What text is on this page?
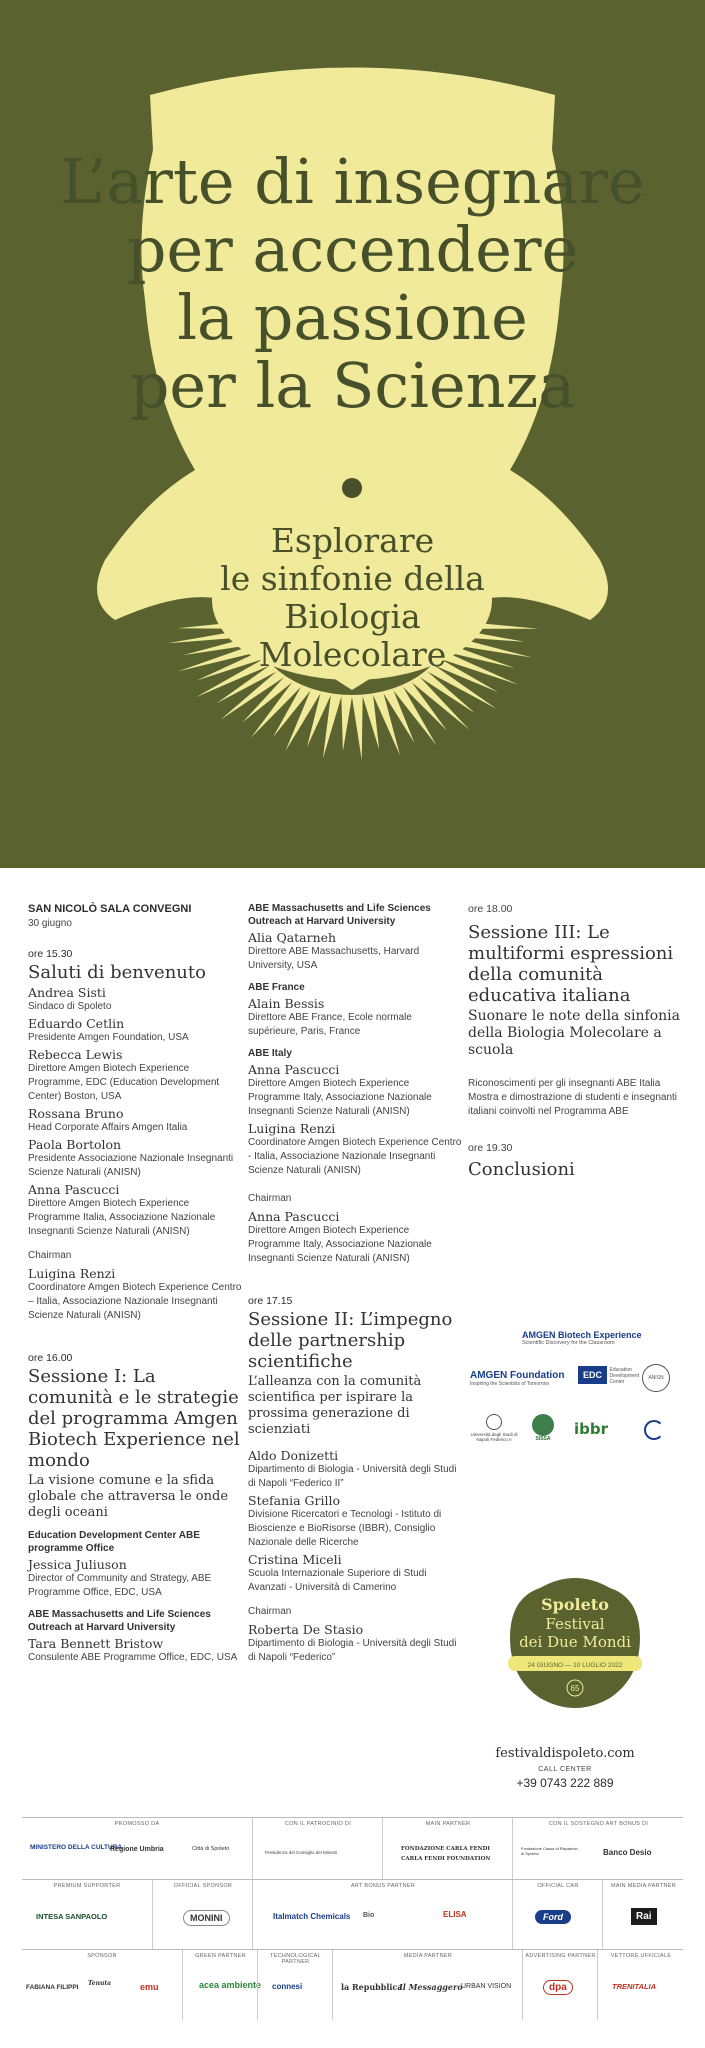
L’arte di insegnare
per accendere
la passione
per la Scienza
Esplorare
le sinfonie della
Biologia
Molecolare
SAN NICOLÒ SALA CONVEGNI
30 giugno
ore 15.30
Saluti di benvenuto
Andrea Sisti
Sindaco di Spoleto
Eduardo Cetlin
Presidente Amgen Foundation, USA
Rebecca Lewis
Direttore Amgen Biotech Experience Programme, EDC (Education Development Center) Boston, USA
Rossana Bruno
Head Corporate Affairs Amgen Italia
Paola Bortolon
Presidente Associazione Nazionale Insegnanti Scienze Naturali (ANISN)
Anna Pascucci
Direttore Amgen Biotech Experience Programme Italia, Associazione Nazionale Insegnanti Scienze Naturali (ANISN)
Chairman
Luigina Renzi
Coordinatore Amgen Biotech Experience Centro – Italia, Associazione Nazionale Insegnanti Scienze Naturali (ANISN)
ore 16.00
Sessione I: La comunità e le strategie del programma Amgen Biotech Experience nel mondo
La visione comune e la sfida globale che attraversa le onde degli oceani
Education Development Center ABE programme Office
Jessica Juliuson
Director of Community and Strategy, ABE Programme Office, EDC, USA
ABE Massachusetts and Life Sciences Outreach at Harvard University
Tara Bennett Bristow
Consulente ABE Programme Office, EDC, USA
ABE Massachusetts and Life Sciences Outreach at Harvard University
Alia Qatarneh
Direttore ABE Massachusetts, Harvard University, USA
ABE France
Alain Bessis
Direttore ABE France, Ecole normale supérieure, Paris, France
ABE Italy
Anna Pascucci
Direttore Amgen Biotech Experience Programme Italy, Associazione Nazionale Insegnanti Scienze Naturali (ANISN)
Luigina Renzi
Coordinatore Amgen Biotech Experience Centro - Italia, Associazione Nazionale Insegnanti Scienze Naturali (ANISN)
Chairman
Anna Pascucci
Direttore Amgen Biotech Experience Programme Italy, Associazione Nazionale Insegnanti Scienze Naturali (ANISN)
ore 17.15
Sessione II: L’impegno delle partnership scientifiche
L’alleanza con la comunità scientifica per ispirare la prossima generazione di scienziati
Aldo Donizetti
Dipartimento di Biologia - Università degli Studi di Napoli “Federico II”
Stefania Grillo
Divisione Ricercatori e Tecnologi - Istituto di Bioscienze e BioRisorse (IBBR), Consiglio Nazionale delle Ricerche
Cristina Miceli
Scuola Internazionale Superiore di Studi Avanzati - Università di Camerino
Chairman
Roberta De Stasio
Dipartimento di Biologia - Università degli Studi di Napoli “Federico”
ore 18.00
Sessione III: Le multiformi espressioni della comunità educativa italiana
Suonare le note della sinfonia della Biologia Molecolare a scuola
Riconoscimenti per gli insegnanti ABE Italia
Mostra e dimostrazione di studenti e insegnanti italiani coinvolti nel Programma ABE
ore 19.30
Conclusioni
AMGEN Biotech Experience
Scientific Discovery for the Classroom
AMGEN Foundation
Inspiring the Scientists of Tomorrow
EDC Education Development Center
ANISN
Università degli Studi di Napoli Federico II	SISSA
ibbr
Spoleto
Festival
dei Due Mondi
24 GIUGNO — 10 LUGLIO 2022
65
festivaldispoleto.com
CALL CENTER
+39 0743 222 889
PROMOSSO DA
MINISTERO DELLA CULTURA
Regione Umbria	Città di Spoleto
CON IL PATROCINIO DI
Presidenza del Consiglio dei Ministri
MAIN PARTNER
FONDAZIONE CARLA FENDI
CARLA FENDI FOUNDATION
CON IL SOSTEGNO ART BONUS DI
Fondazione Cassa di Risparmio di Spoleto	Banco Desio
PREMIUM SUPPORTER
INTESA SANPAOLO
OFFICIAL SPONSOR
MONINI
ART BONUS PARTNER
Italmatch Chemicals Bio	ELISA
OFFICIAL CAR
Ford
MAIN MEDIA PARTNER
Rai
SPONSOR
FABIANA FILIPPI
Tenuta	emu
GREEN PARTNER
acea ambiente
TECHNOLOGICAL PARTNER
connesi
MEDIA PARTNER
la Repubblica
Il Messaggero
URBAN VISION
ADVERTISING PARTNER
dpa
VETTORE UFFICIALE
TRENITALIA
